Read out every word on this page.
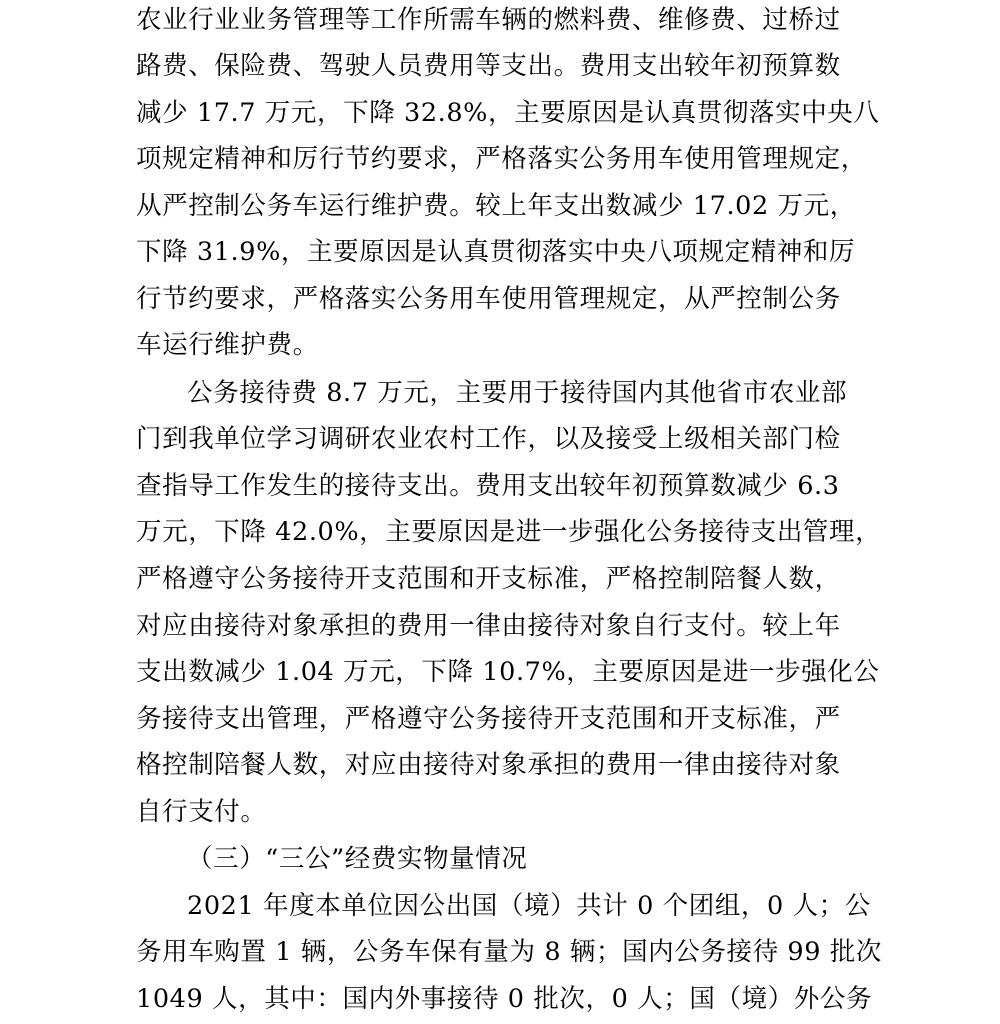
农业行业业务管理等工作所需车辆的燃料费、维修费、过桥过
路费、保险费、驾驶人员费用等支出。费用支出较年初预算数
减少 17.7 万元，下降 32.8%，主要原因是认真贯彻落实中央八
项规定精神和厉行节约要求，严格落实公务用车使用管理规定，
从严控制公务车运行维护费。较上年支出数减少 17.02 万元，
下降 31.9%，主要原因是认真贯彻落实中央八项规定精神和厉
行节约要求，严格落实公务用车使用管理规定，从严控制公务
车运行维护费。
公务接待费 8.7 万元，主要用于接待国内其他省市农业部
门到我单位学习调研农业农村工作，以及接受上级相关部门检
查指导工作发生的接待支出。费用支出较年初预算数减少 6.3
万元，下降 42.0%，主要原因是进一步强化公务接待支出管理，
严格遵守公务接待开支范围和开支标准，严格控制陪餐人数，
对应由接待对象承担的费用一律由接待对象自行支付。较上年
支出数减少 1.04 万元，下降 10.7%，主要原因是进一步强化公
务接待支出管理，严格遵守公务接待开支范围和开支标准，严
格控制陪餐人数，对应由接待对象承担的费用一律由接待对象
自行支付。
（三）“三公”经费实物量情况
2021 年度本单位因公出国（境）共计 0 个团组，0 人；公
务用车购置 1 辆，公务车保有量为 8 辆；国内公务接待 99 批次
1049 人，其中：国内外事接待 0 批次，0 人；国（境）外公务
